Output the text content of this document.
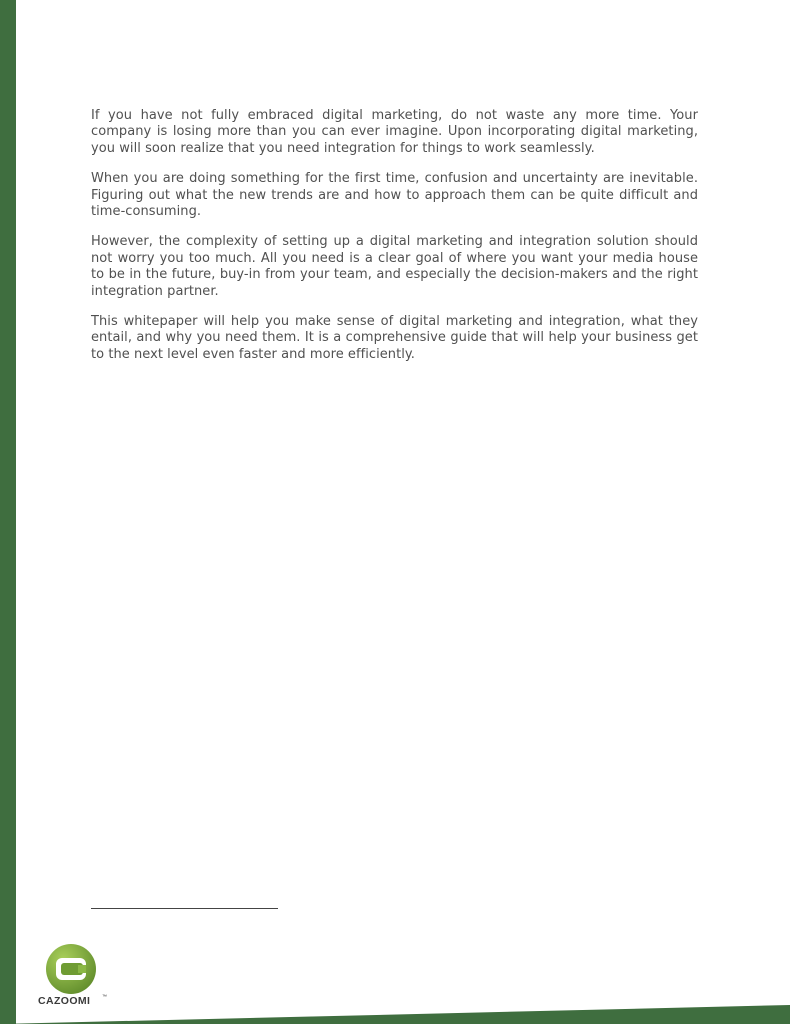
If you have not fully embraced digital marketing, do not waste any more time. Your company is losing more than you can ever imagine. Upon incorporating digital marketing, you will soon realize that you need integration for things to work seamlessly.

When you are doing something for the first time, confusion and uncertainty are inevitable. Figuring out what the new trends are and how to approach them can be quite difficult and time-consuming.

However, the complexity of setting up a digital marketing and integration solution should not worry you too much. All you need is a clear goal of where you want your media house to be in the future, buy-in from your team, and especially the decision-makers and the right integration partner.

This whitepaper will help you make sense of digital marketing and integration, what they entail, and why you need them. It is a comprehensive guide that will help your business get to the next level even faster and more efficiently.

CAZOOMI ™
